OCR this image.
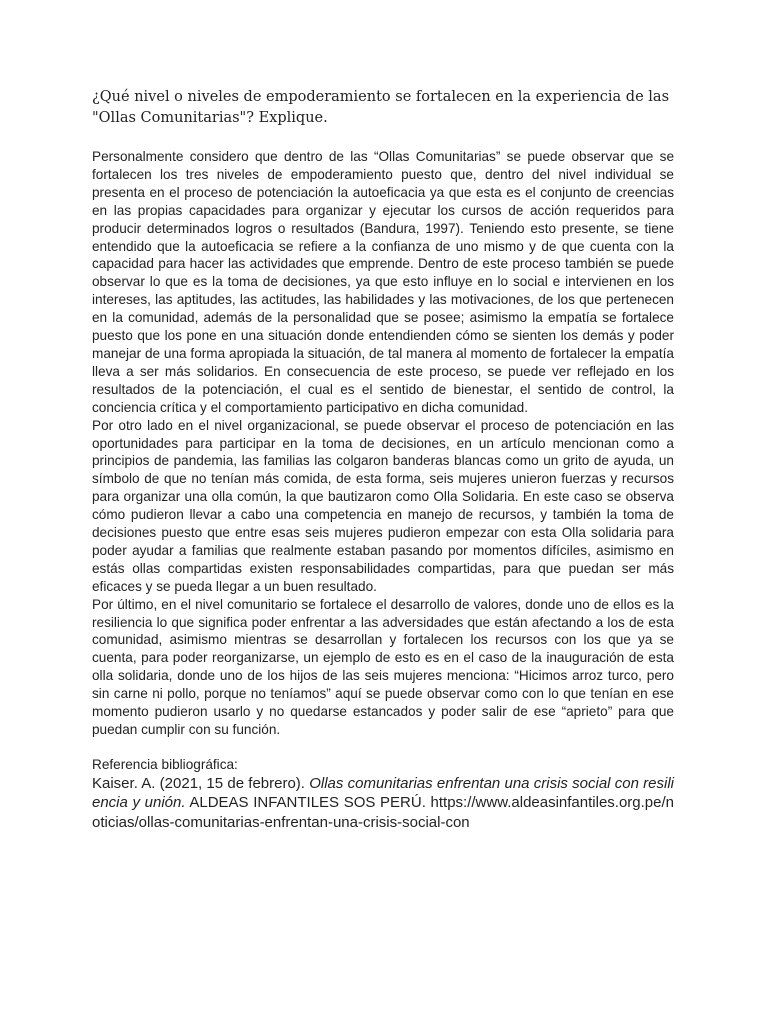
¿Qué nivel o niveles de empoderamiento se fortalecen en la experiencia de las "Ollas Comunitarias"? Explique.

Personalmente considero que dentro de las “Ollas Comunitarias” se puede observar que se fortalecen los tres niveles de empoderamiento puesto que, dentro del nivel individual se presenta en el proceso de potenciación la autoeficacia ya que esta es el conjunto de creencias en las propias capacidades para organizar y ejecutar los cursos de acción requeridos para producir determinados logros o resultados (Bandura, 1997). Teniendo esto presente, se tiene entendido que la autoeficacia se refiere a la confianza de uno mismo y de que cuenta con la capacidad para hacer las actividades que emprende. Dentro de este proceso también se puede observar lo que es la toma de decisiones, ya que esto influye en lo social e intervienen en los intereses, las aptitudes, las actitudes, las habilidades y las motivaciones, de los que pertenecen en la comunidad, además de la personalidad que se posee; asimismo la empatía se fortalece puesto que los pone en una situación donde entendienden cómo se sienten los demás y poder manejar de una forma apropiada la situación, de tal manera al momento de fortalecer la empatía lleva a ser más solidarios. En consecuencia de este proceso, se puede ver reflejado en los resultados de la potenciación, el cual es el sentido de bienestar, el sentido de control, la conciencia crítica y el comportamiento participativo en dicha comunidad.

Por otro lado en el nivel organizacional, se puede observar el proceso de potenciación en las oportunidades para participar en la toma de decisiones, en un artículo mencionan como a principios de pandemia, las familias las colgaron banderas blancas como un grito de ayuda, un símbolo de que no tenían más comida, de esta forma, seis mujeres unieron fuerzas y recursos para organizar una olla común, la que bautizaron como Olla Solidaria. En este caso se observa cómo pudieron llevar a cabo una competencia en manejo de recursos, y también la toma de decisiones puesto que entre esas seis mujeres pudieron empezar con esta Olla solidaria para poder ayudar a familias que realmente estaban pasando por momentos difíciles, asimismo en estás ollas compartidas existen responsabilidades compartidas, para que puedan ser más eficaces y se pueda llegar a un buen resultado.

Por último, en el nivel comunitario se fortalece el desarrollo de valores, donde uno de ellos es la resiliencia lo que significa poder enfrentar a las adversidades que están afectando a los de esta comunidad, asimismo mientras se desarrollan y fortalecen los recursos con los que ya se cuenta, para poder reorganizarse, un ejemplo de esto es en el caso de la inauguración de esta olla solidaria, donde uno de los hijos de las seis mujeres menciona: “Hicimos arroz turco, pero sin carne ni pollo, porque no teníamos” aquí se puede observar como con lo que tenían en ese momento pudieron usarlo y no quedarse estancados y poder salir de ese “aprieto” para que puedan cumplir con su función.

Referencia bibliográfica:

Kaiser. A. (2021, 15 de febrero). Ollas comunitarias enfrentan una crisis social con resiliencia y unión. ALDEAS INFANTILES SOS PERÚ. https://www.aldeasinfantiles.org.pe/noticias/ollas-comunitarias-enfrentan-una-crisis-social-con
